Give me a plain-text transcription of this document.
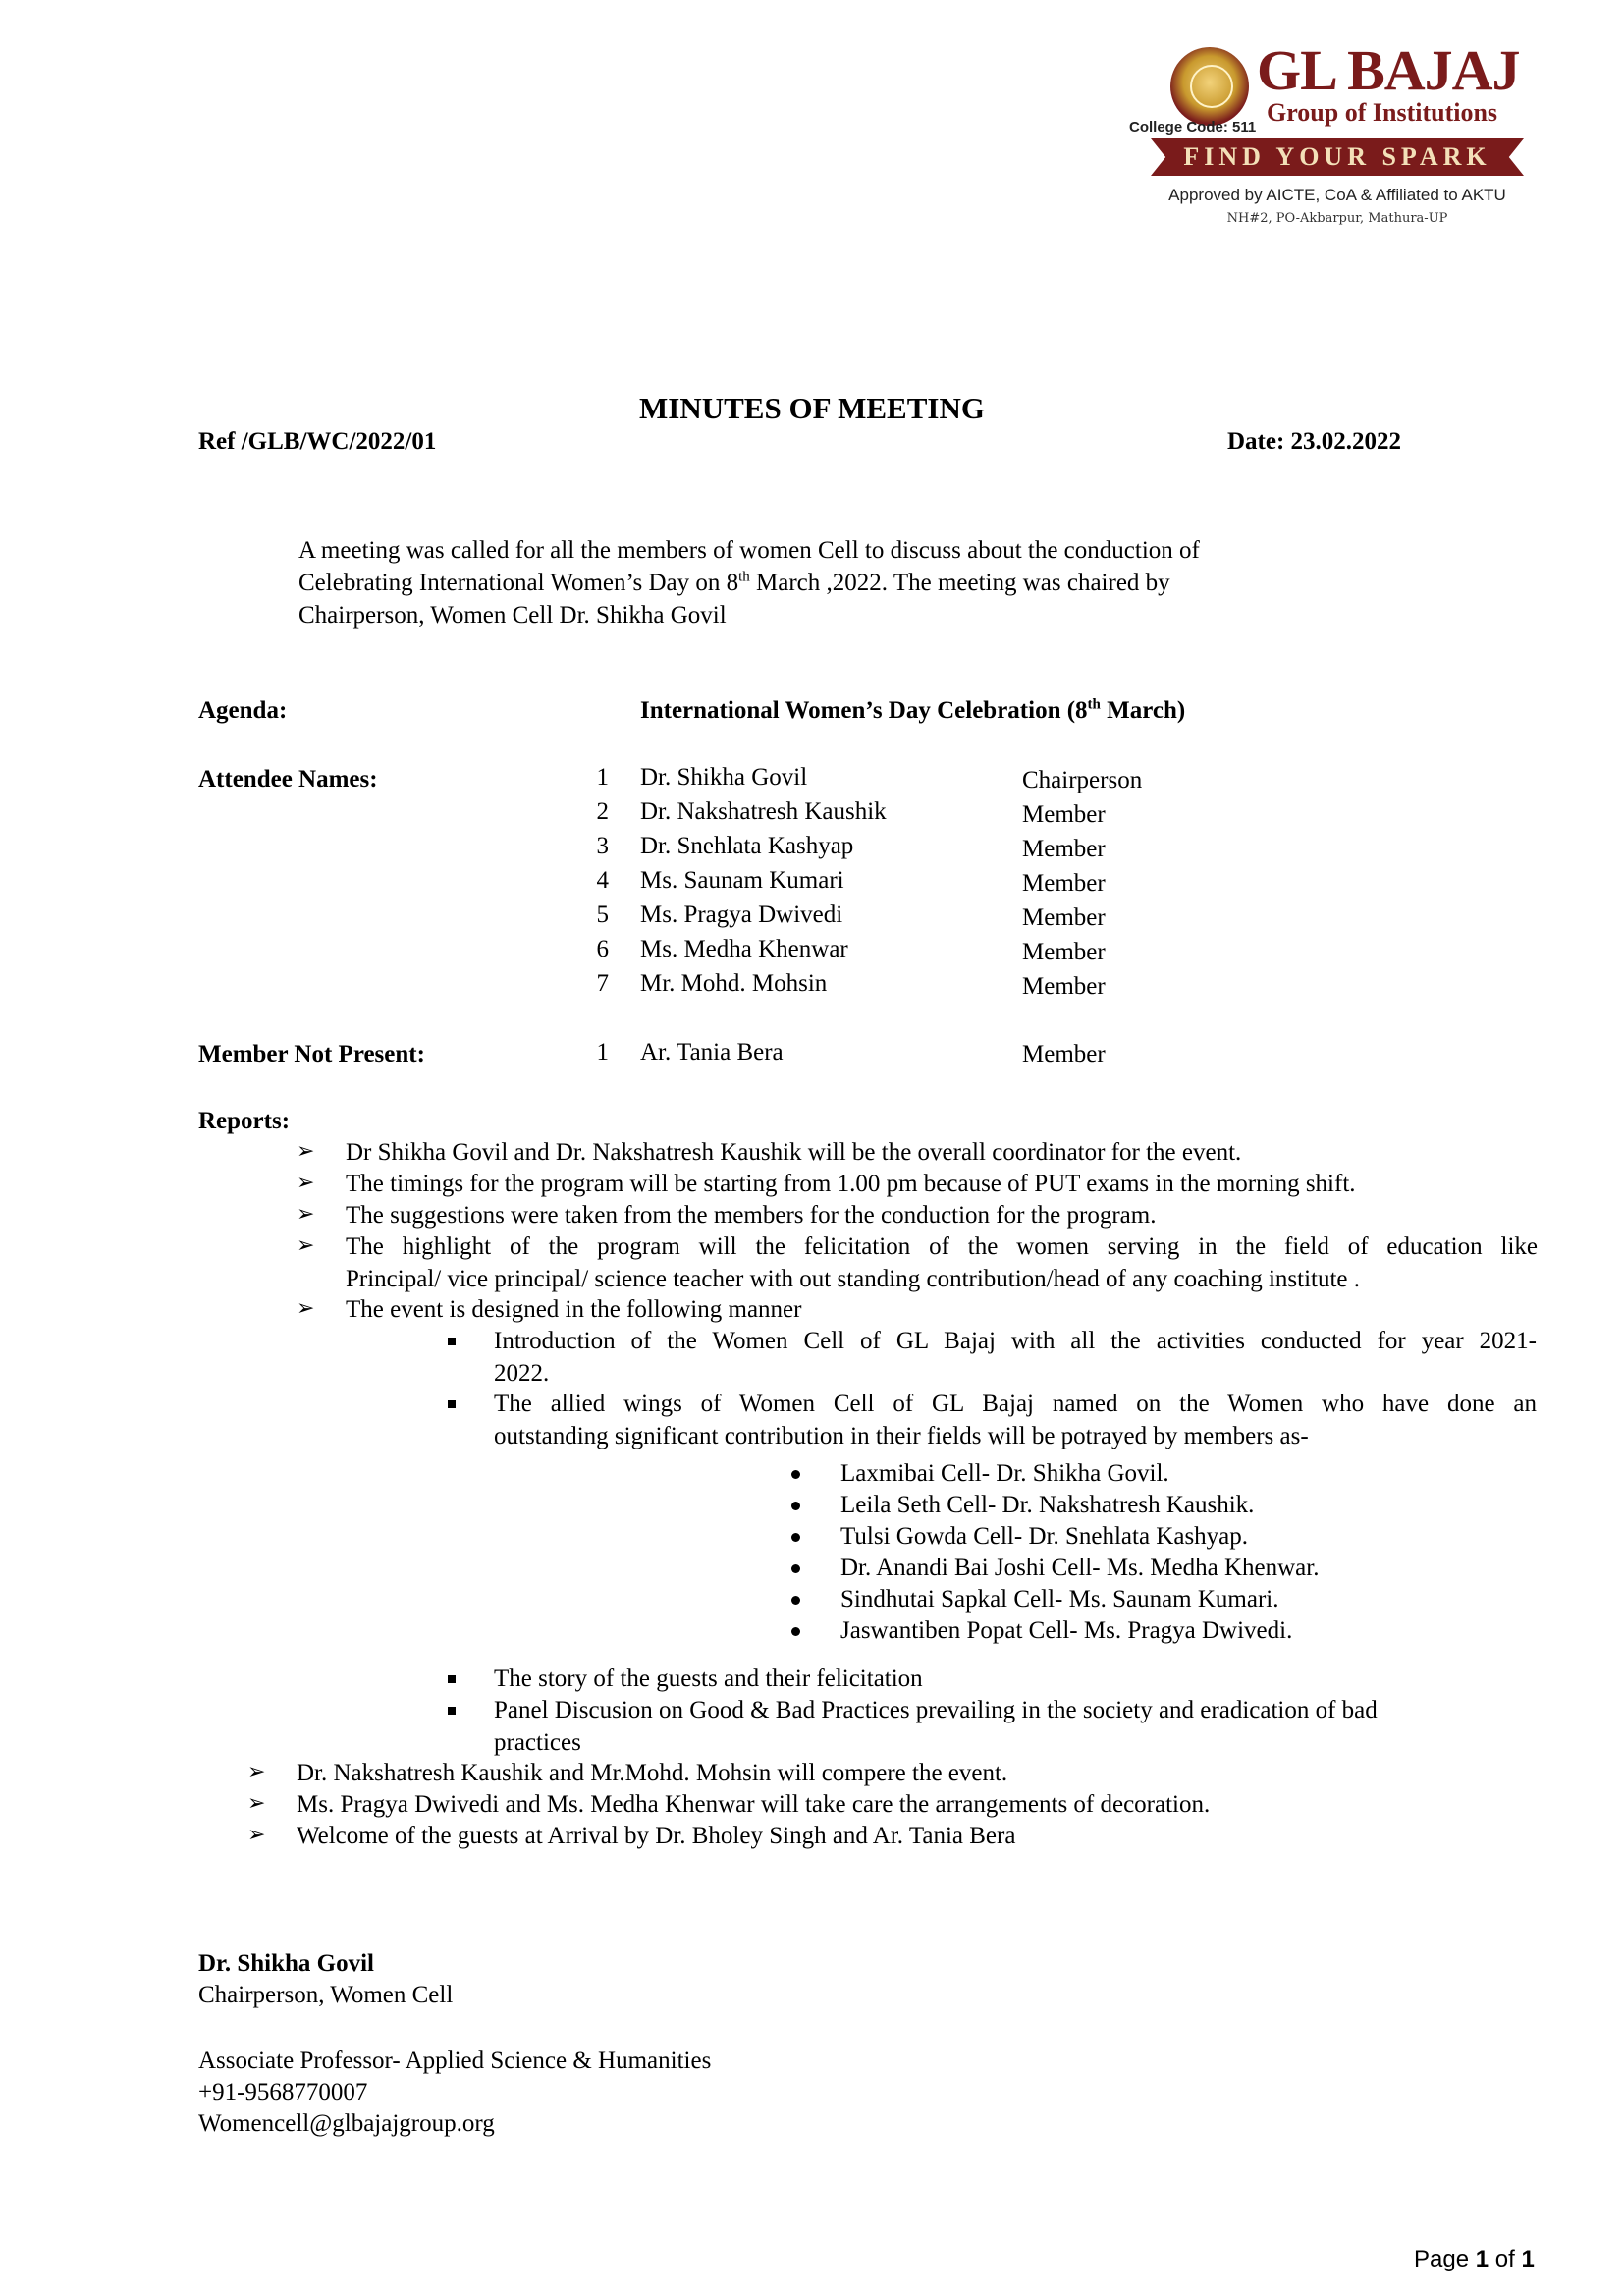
GL BAJAJ
Group of Institutions
College Code: 511
FIND YOUR SPARK
Approved by AICTE, CoA & Affiliated to AKTU
NH#2, PO-Akbarpur, Mathura-UP
MINUTES OF MEETING
Ref /GLB/WC/2022/01	Date: 23.02.2022
A meeting was called for all the members of women Cell to discuss about the conduction of
Celebrating International Women’s Day on 8th March ,2022. The meeting was chaired by
Chairperson, Women Cell Dr. Shikha Govil
Agenda:	International Women’s Day Celebration (8th March)
Attendee Names:	1 Dr. Shikha Govil	Chairperson
2 Dr. Nakshatresh Kaushik	Member
3 Dr. Snehlata Kashyap	Member
4 Ms. Saunam Kumari	Member
5 Ms. Pragya Dwivedi	Member
6 Ms. Medha Khenwar	Member
7 Mr. Mohd. Mohsin	Member
Member Not Present:	1 Ar. Tania Bera	Member
Reports:
➢ Dr Shikha Govil and Dr. Nakshatresh Kaushik will be the overall coordinator for the event.
➢ The timings for the program will be starting from 1.00 pm because of PUT exams in the morning shift.
➢ The suggestions were taken from the members for the conduction for the program.
➢ The highlight of the program will the felicitation of the women serving in the field of education like
Principal/ vice principal/ science teacher with out standing contribution/head of any coaching institute .
➢ The event is designed in the following manner
Introduction of the Women Cell of GL Bajaj with all the activities conducted for year 2021-
2022.
The allied wings of Women Cell of GL Bajaj named on the Women who have done an
outstanding significant contribution in their fields will be potrayed by members as-
Laxmibai Cell- Dr. Shikha Govil.
Leila Seth Cell- Dr. Nakshatresh Kaushik.
Tulsi Gowda Cell- Dr. Snehlata Kashyap.
Dr. Anandi Bai Joshi Cell- Ms. Medha Khenwar.
Sindhutai Sapkal Cell- Ms. Saunam Kumari.
Jaswantiben Popat Cell- Ms. Pragya Dwivedi.
The story of the guests and their felicitation
Panel Discusion on Good & Bad Practices prevailing in the society and eradication of bad
practices
➢ Dr. Nakshatresh Kaushik and Mr.Mohd. Mohsin will compere the event.
➢ Ms. Pragya Dwivedi and Ms. Medha Khenwar will take care the arrangements of decoration.
➢ Welcome of the guests at Arrival by Dr. Bholey Singh and Ar. Tania Bera
Dr. Shikha Govil
Chairperson, Women Cell
Associate Professor- Applied Science & Humanities
+91-9568770007
Womencell@glbajajgroup.org
Page 1 of 1
